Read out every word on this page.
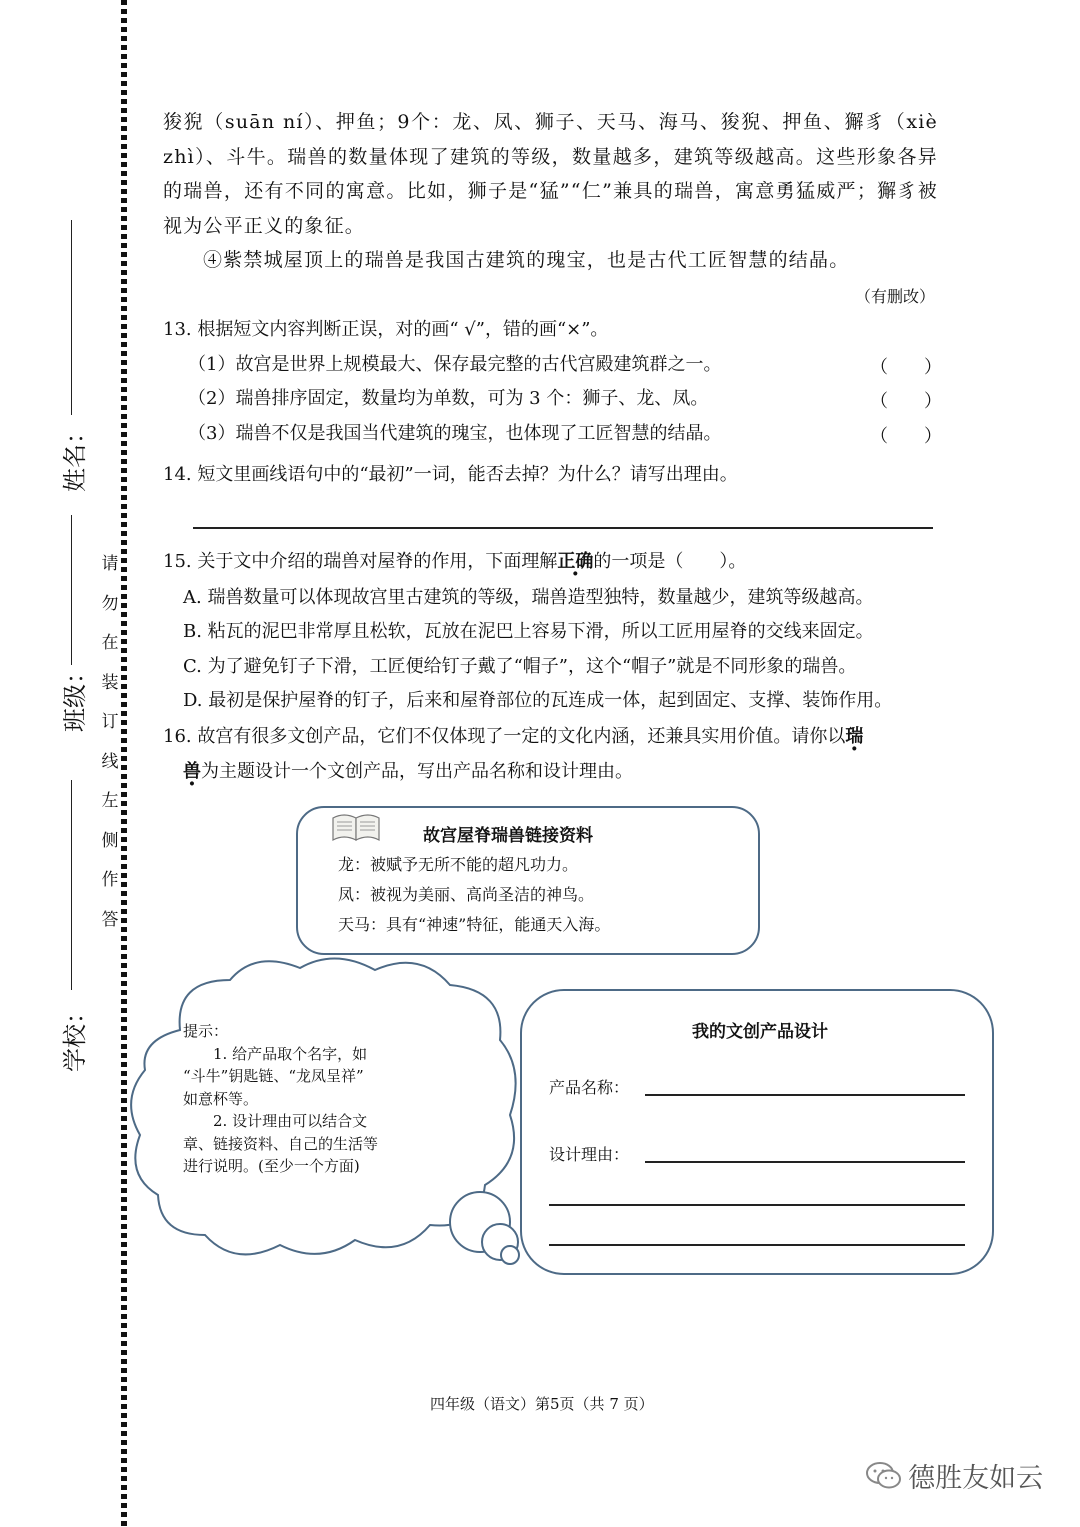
姓名：
班级：
学校：
请
勿
在
装
订
线
左
侧
作
答
狻猊（suān ní）、押鱼；9个：龙、凤、狮子、天马、海马、狻猊、押鱼、獬豸（xiè zhì）、斗牛。瑞兽的数量体现了建筑的等级，数量越多，建筑等级越高。这些形象各异的瑞兽，还有不同的寓意。比如，狮子是“猛”“仁”兼具的瑞兽，寓意勇猛威严；獬豸被视为公平正义的象征。
④紫禁城屋顶上的瑞兽是我国古建筑的瑰宝，也是古代工匠智慧的结晶。
（有删改）
13. 根据短文内容判断正误，对的画“ √”，错的画“×”。
（1）故宫是世界上规模最大、保存最完整的古代宫殿建筑群之一。	（　　）
（2）瑞兽排序固定，数量均为单数，可为 3 个：狮子、龙、凤。	（　　）
（3）瑞兽不仅是我国当代建筑的瑰宝，也体现了工匠智慧的结晶。	（　　）
14. 短文里画线语句中的“最初”一词，能否去掉？为什么？请写出理由。
15. 关于文中介绍的瑞兽对屋脊的作用，下面理解正确的一项是（　　）。
A. 瑞兽数量可以体现故宫里古建筑的等级，瑞兽造型独特，数量越少，建筑等级越高。
B. 粘瓦的泥巴非常厚且松软，瓦放在泥巴上容易下滑，所以工匠用屋脊的交线来固定。
C. 为了避免钉子下滑，工匠便给钉子戴了“帽子”，这个“帽子”就是不同形象的瑞兽。
D. 最初是保护屋脊的钉子，后来和屋脊部位的瓦连成一体，起到固定、支撑、装饰作用。
16. 故宫有很多文创产品，它们不仅体现了一定的文化内涵，还兼具实用价值。请你以瑞
兽为主题设计一个文创产品，写出产品名称和设计理由。
故宫屋脊瑞兽链接资料
龙：被赋予无所不能的超凡功力。
凤：被视为美丽、高尚圣洁的神鸟。
天马：具有“神速”特征，能通天入海。
提示：
　　1. 给产品取个名字，如
“斗牛”钥匙链、“龙凤呈祥”
如意杯等。
　　2. 设计理由可以结合文
章、链接资料、自己的生活等
进行说明。(至少一个方面)
我的文创产品设计
产品名称：
设计理由：
四年级（语文）第5页（共 7 页）
德胜友如云
